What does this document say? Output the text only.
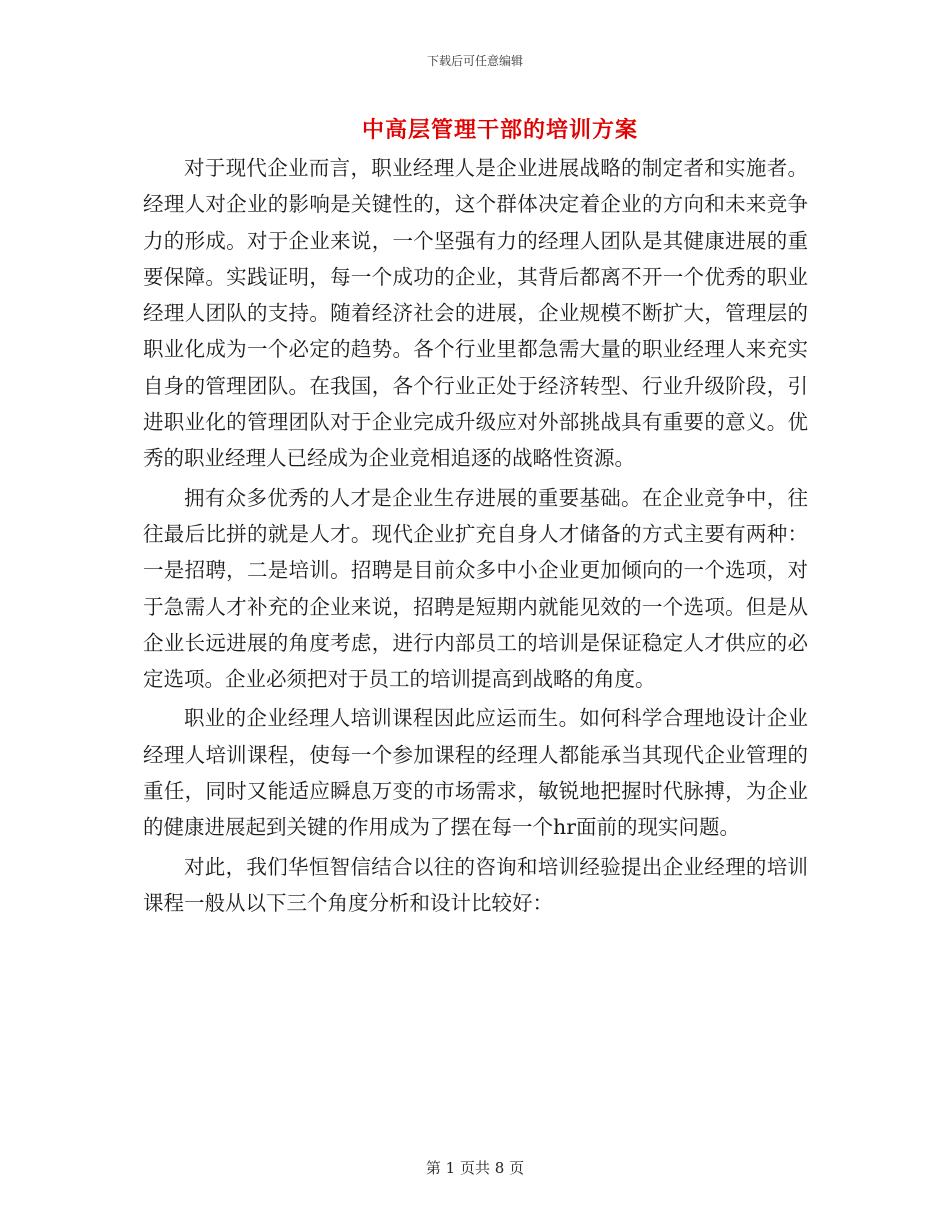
下载后可任意编辑
中高层管理干部的培训方案

对于现代企业而言，职业经理人是企业进展战略的制定者和实施者。经理人对企业的影响是关键性的，这个群体决定着企业的方向和未来竞争力的形成。对于企业来说，一个坚强有力的经理人团队是其健康进展的重要保障。实践证明，每一个成功的企业，其背后都离不开一个优秀的职业经理人团队的支持。随着经济社会的进展，企业规模不断扩大，管理层的职业化成为一个必定的趋势。各个行业里都急需大量的职业经理人来充实自身的管理团队。在我国，各个行业正处于经济转型、行业升级阶段，引进职业化的管理团队对于企业完成升级应对外部挑战具有重要的意义。优秀的职业经理人已经成为企业竞相追逐的战略性资源。

拥有众多优秀的人才是企业生存进展的重要基础。在企业竞争中，往往最后比拼的就是人才。现代企业扩充自身人才储备的方式主要有两种：一是招聘，二是培训。招聘是目前众多中小企业更加倾向的一个选项，对于急需人才补充的企业来说，招聘是短期内就能见效的一个选项。但是从企业长远进展的角度考虑，进行内部员工的培训是保证稳定人才供应的必定选项。企业必须把对于员工的培训提高到战略的角度。

职业的企业经理人培训课程因此应运而生。如何科学合理地设计企业经理人培训课程，使每一个参加课程的经理人都能承当其现代企业管理的重任，同时又能适应瞬息万变的市场需求，敏锐地把握时代脉搏，为企业的健康进展起到关键的作用成为了摆在每一个hr面前的现实问题。

对此，我们华恒智信结合以往的咨询和培训经验提出企业经理的培训课程一般从以下三个角度分析和设计比较好：

第 1 页共 8 页
